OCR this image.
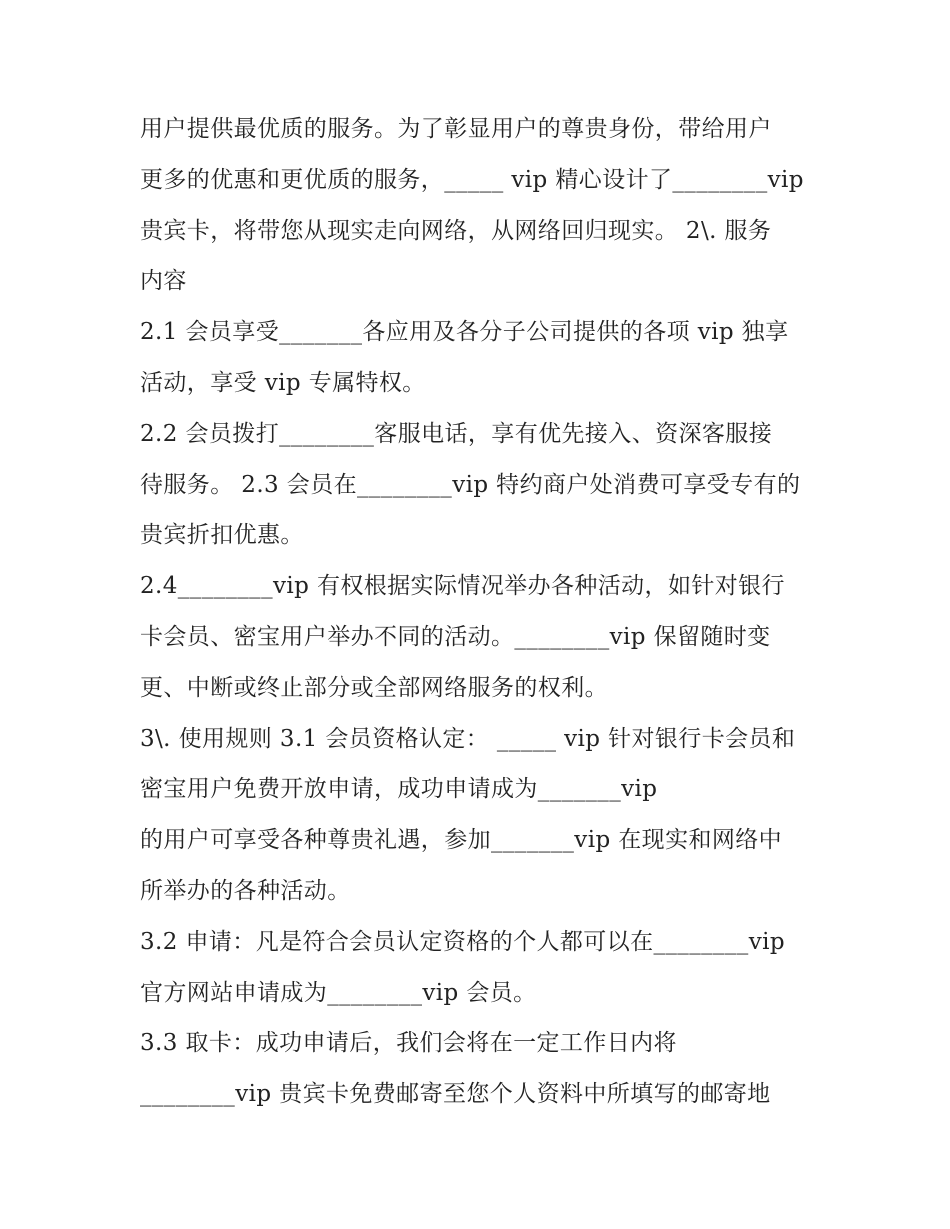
用户提供最优质的服务。为了彰显用户的尊贵身份，带给用户
更多的优惠和更优质的服务，_____ vip 精心设计了________vip
贵宾卡，将带您从现实走向网络，从网络回归现实。 2\. 服务
内容
2.1 会员享受_______各应用及各分子公司提供的各项 vip 独享
活动，享受 vip 专属特权。
2.2 会员拨打________客服电话，享有优先接入、资深客服接
待服务。 2.3 会员在________vip 特约商户处消费可享受专有的
贵宾折扣优惠。
2.4________vip 有权根据实际情况举办各种活动，如针对银行
卡会员、密宝用户举办不同的活动。________vip 保留随时变
更、中断或终止部分或全部网络服务的权利。
3\. 使用规则 3.1 会员资格认定： _____ vip 针对银行卡会员和
密宝用户免费开放申请，成功申请成为_______vip
的用户可享受各种尊贵礼遇，参加_______vip 在现实和网络中
所举办的各种活动。
3.2 申请：凡是符合会员认定资格的个人都可以在________vip
官方网站申请成为________vip 会员。
3.3 取卡：成功申请后，我们会将在一定工作日内将
________vip 贵宾卡免费邮寄至您个人资料中所填写的邮寄地
